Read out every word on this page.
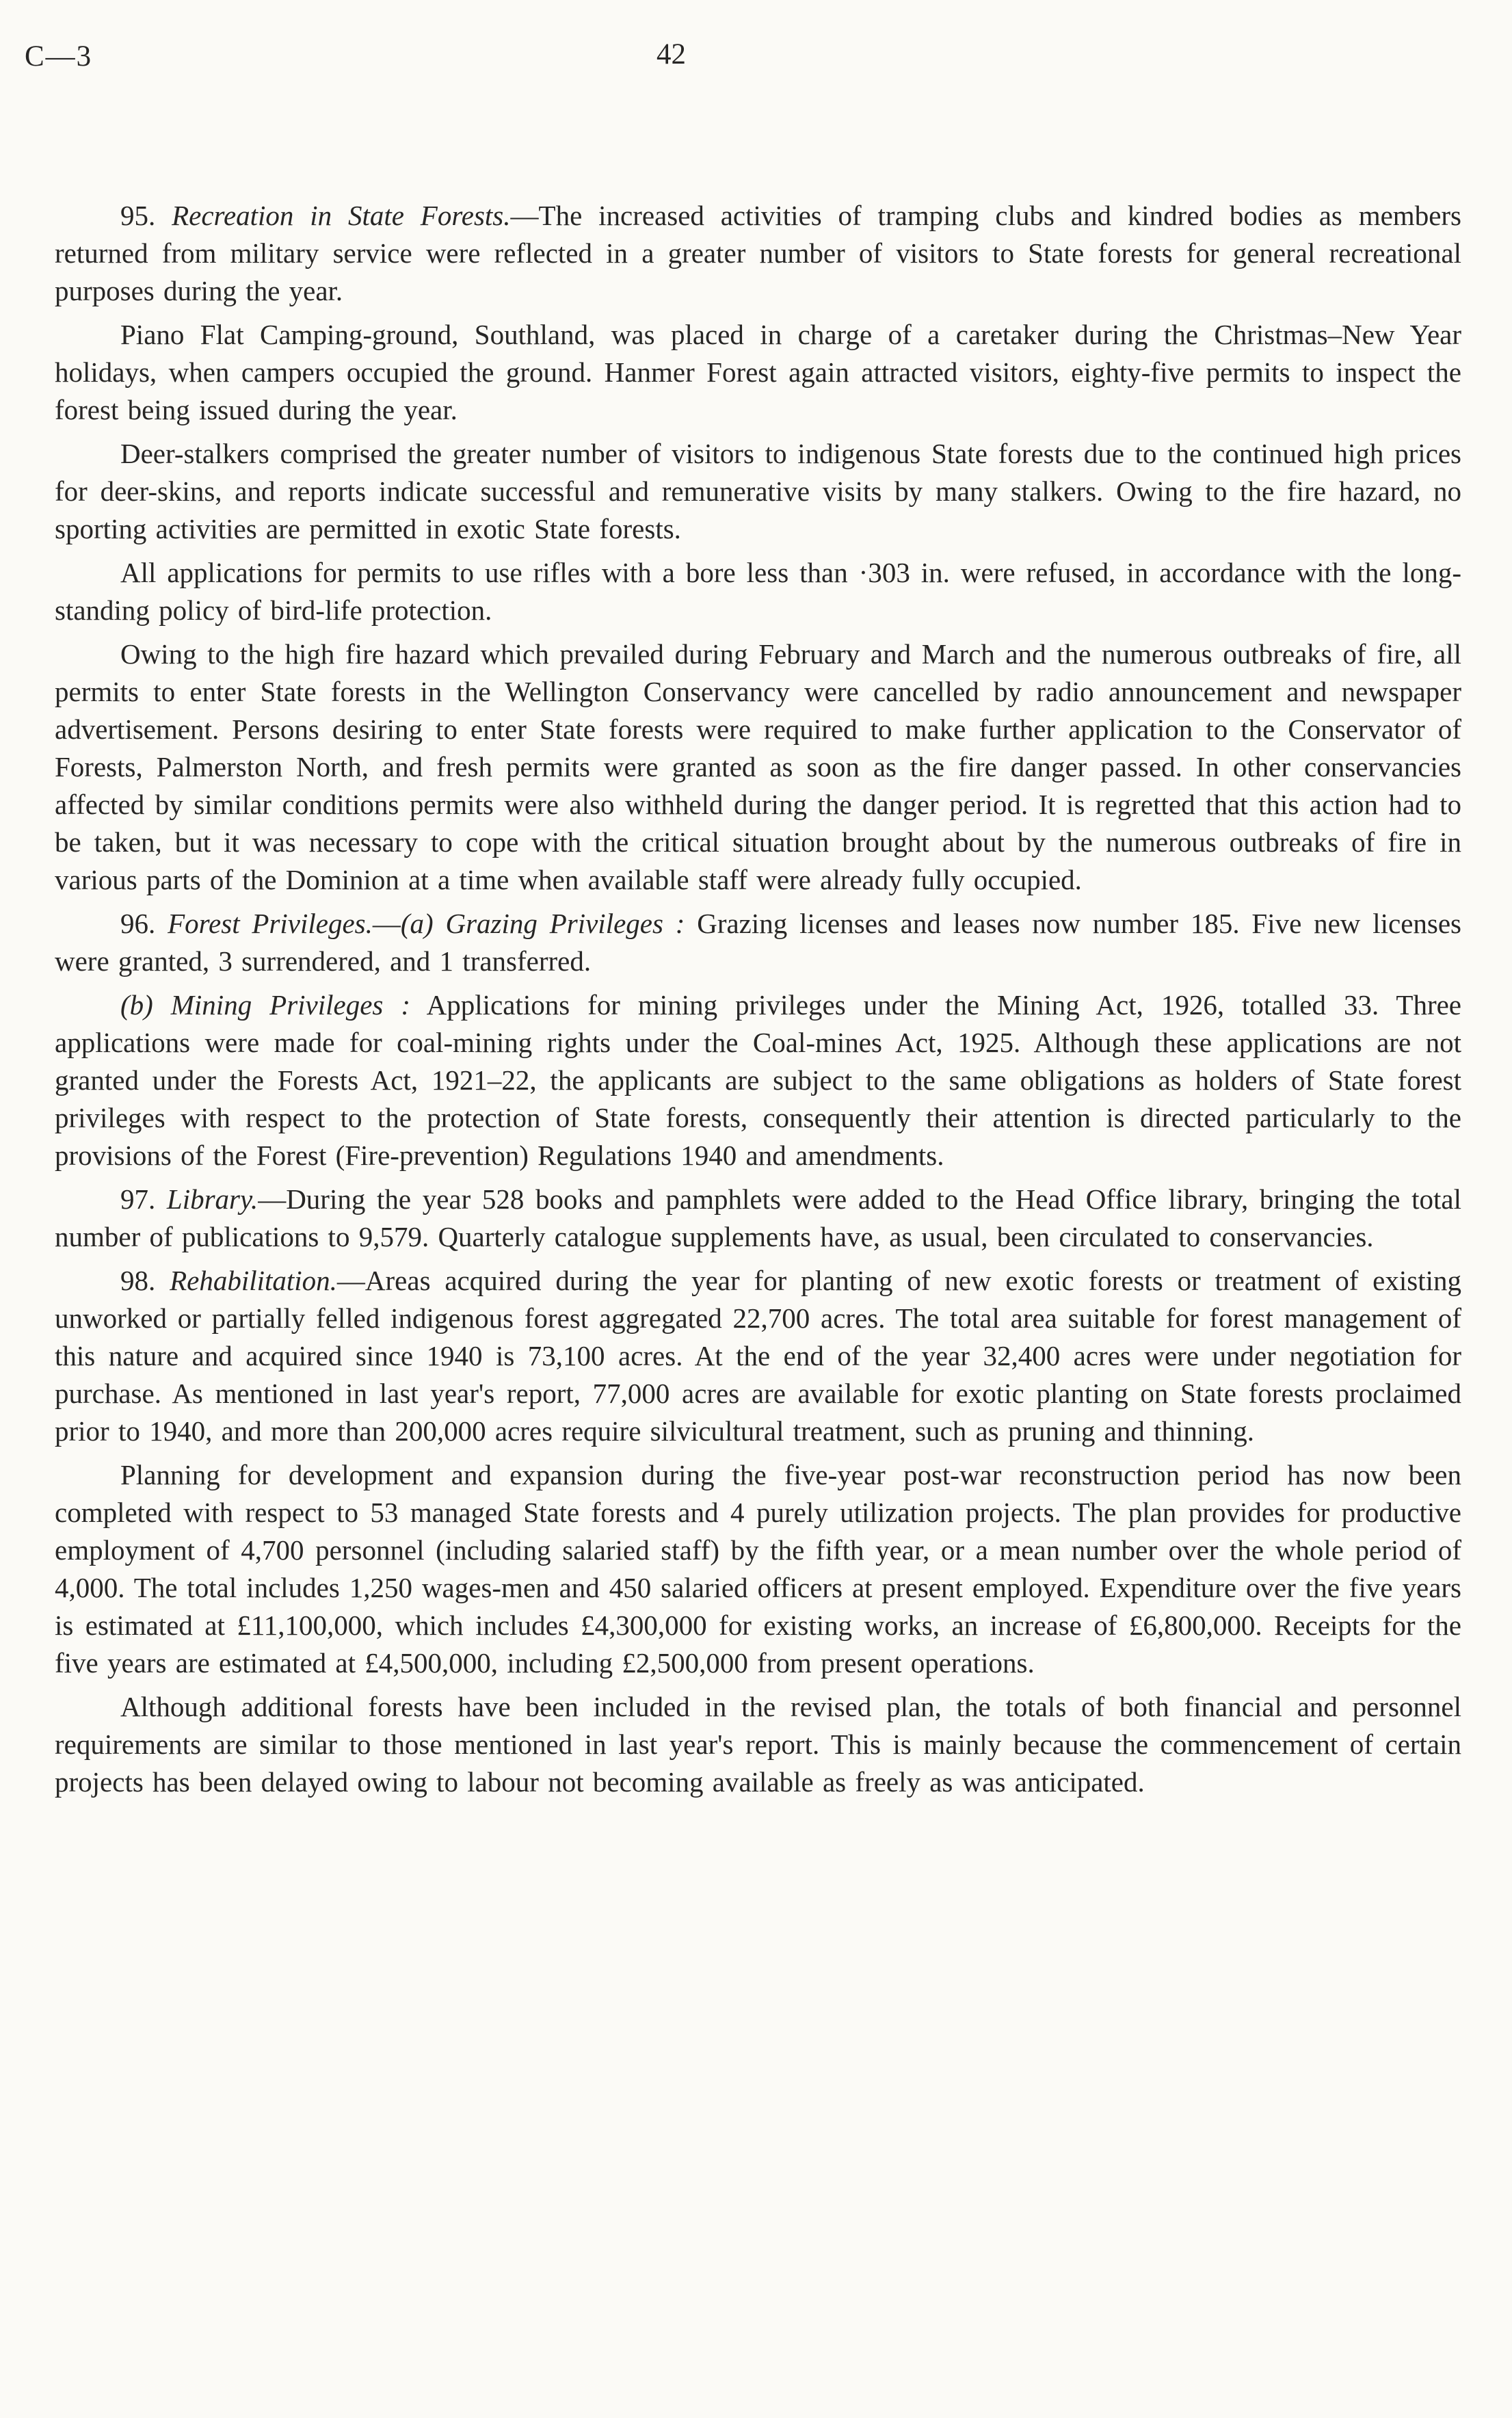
C—3	42

95. Recreation in State Forests.—The increased activities of tramping clubs and kindred bodies as members returned from military service were reflected in a greater number of visitors to State forests for general recreational purposes during the year.

Piano Flat Camping-ground, Southland, was placed in charge of a caretaker during the Christmas–New Year holidays, when campers occupied the ground. Hanmer Forest again attracted visitors, eighty-five permits to inspect the forest being issued during the year.

Deer-stalkers comprised the greater number of visitors to indigenous State forests due to the continued high prices for deer-skins, and reports indicate successful and remunerative visits by many stalkers. Owing to the fire hazard, no sporting activities are permitted in exotic State forests.

All applications for permits to use rifles with a bore less than ·303 in. were refused, in accordance with the long-standing policy of bird-life protection.

Owing to the high fire hazard which prevailed during February and March and the numerous outbreaks of fire, all permits to enter State forests in the Wellington Conservancy were cancelled by radio announcement and newspaper advertisement. Persons desiring to enter State forests were required to make further application to the Conservator of Forests, Palmerston North, and fresh permits were granted as soon as the fire danger passed. In other conservancies affected by similar conditions permits were also withheld during the danger period. It is regretted that this action had to be taken, but it was necessary to cope with the critical situation brought about by the numerous outbreaks of fire in various parts of the Dominion at a time when available staff were already fully occupied.

96. Forest Privileges.—(a) Grazing Privileges : Grazing licenses and leases now number 185. Five new licenses were granted, 3 surrendered, and 1 transferred.

(b) Mining Privileges : Applications for mining privileges under the Mining Act, 1926, totalled 33. Three applications were made for coal-mining rights under the Coal-mines Act, 1925. Although these applications are not granted under the Forests Act, 1921–22, the applicants are subject to the same obligations as holders of State forest privileges with respect to the protection of State forests, consequently their attention is directed particularly to the provisions of the Forest (Fire-prevention) Regulations 1940 and amendments.

97. Library.—During the year 528 books and pamphlets were added to the Head Office library, bringing the total number of publications to 9,579. Quarterly catalogue supplements have, as usual, been circulated to conservancies.

98. Rehabilitation.—Areas acquired during the year for planting of new exotic forests or treatment of existing unworked or partially felled indigenous forest aggregated 22,700 acres. The total area suitable for forest management of this nature and acquired since 1940 is 73,100 acres. At the end of the year 32,400 acres were under negotiation for purchase. As mentioned in last year's report, 77,000 acres are available for exotic planting on State forests proclaimed prior to 1940, and more than 200,000 acres require silvicultural treatment, such as pruning and thinning.

Planning for development and expansion during the five-year post-war reconstruction period has now been completed with respect to 53 managed State forests and 4 purely utilization projects. The plan provides for productive employment of 4,700 personnel (including salaried staff) by the fifth year, or a mean number over the whole period of 4,000. The total includes 1,250 wages-men and 450 salaried officers at present employed. Expenditure over the five years is estimated at £11,100,000, which includes £4,300,000 for existing works, an increase of £6,800,000. Receipts for the five years are estimated at £4,500,000, including £2,500,000 from present operations.

Although additional forests have been included in the revised plan, the totals of both financial and personnel requirements are similar to those mentioned in last year's report. This is mainly because the commencement of certain projects has been delayed owing to labour not becoming available as freely as was anticipated.
